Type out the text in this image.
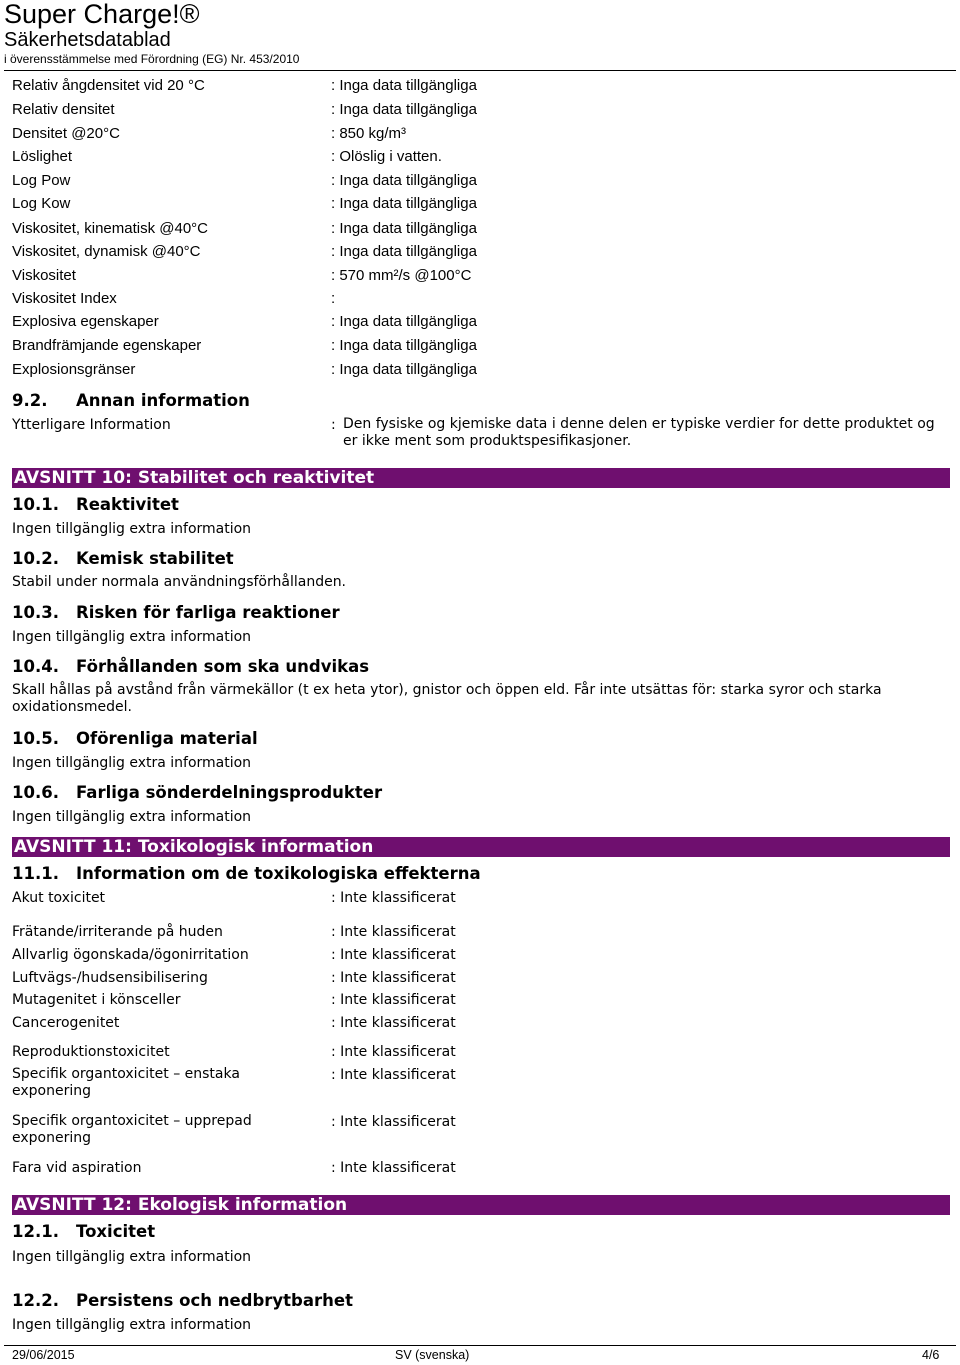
Super Charge!®
Säkerhetsdatablad
i överensstämmelse med Förordning (EG) Nr. 453/2010
Relativ ångdensitet vid 20 °C	: Inga data tillgängliga
Relativ densitet	: Inga data tillgängliga
Densitet @20°C	: 850 kg/m³
Löslighet	: Olöslig i vatten.
Log Pow	: Inga data tillgängliga
Log Kow	: Inga data tillgängliga
Viskositet, kinematisk @40°C	: Inga data tillgängliga
Viskositet, dynamisk @40°C	: Inga data tillgängliga
Viskositet	: 570 mm²/s @100°C
Viskositet Index	:
Explosiva egenskaper	: Inga data tillgängliga
Brandfrämjande egenskaper	: Inga data tillgängliga
Explosionsgränser	: Inga data tillgängliga
9.2. Annan information
Ytterligare Information	: Den fysiske og kjemiske data i denne delen er typiske verdier for dette produktet og er ikke ment som produktspesifikasjoner.
AVSNITT 10: Stabilitet och reaktivitet
10.1. Reaktivitet
Ingen tillgänglig extra information
10.2. Kemisk stabilitet
Stabil under normala användningsförhållanden.
10.3. Risken för farliga reaktioner
Ingen tillgänglig extra information
10.4. Förhållanden som ska undvikas
Skall hållas på avstånd från värmekällor (t ex heta ytor), gnistor och öppen eld. Får inte utsättas för: starka syror och starka oxidationsmedel.
10.5. Oförenliga material
Ingen tillgänglig extra information
10.6. Farliga sönderdelningsprodukter
Ingen tillgänglig extra information
AVSNITT 11: Toxikologisk information
11.1. Information om de toxikologiska effekterna
Akut toxicitet	: Inte klassificerat
Frätande/irriterande på huden	: Inte klassificerat
Allvarlig ögonskada/ögonirritation	: Inte klassificerat
Luftvägs-/hudsensibilisering	: Inte klassificerat
Mutagenitet i könsceller	: Inte klassificerat
Cancerogenitet	: Inte klassificerat
Reproduktionstoxicitet	: Inte klassificerat
Specifik organtoxicitet – enstaka exponering
: Inte klassificerat
Specifik organtoxicitet – upprepad exponering
: Inte klassificerat
Fara vid aspiration	: Inte klassificerat
AVSNITT 12: Ekologisk information
12.1. Toxicitet
Ingen tillgänglig extra information
12.2. Persistens och nedbrytbarhet
Ingen tillgänglig extra information
29/06/2015	SV (svenska)	4/6
